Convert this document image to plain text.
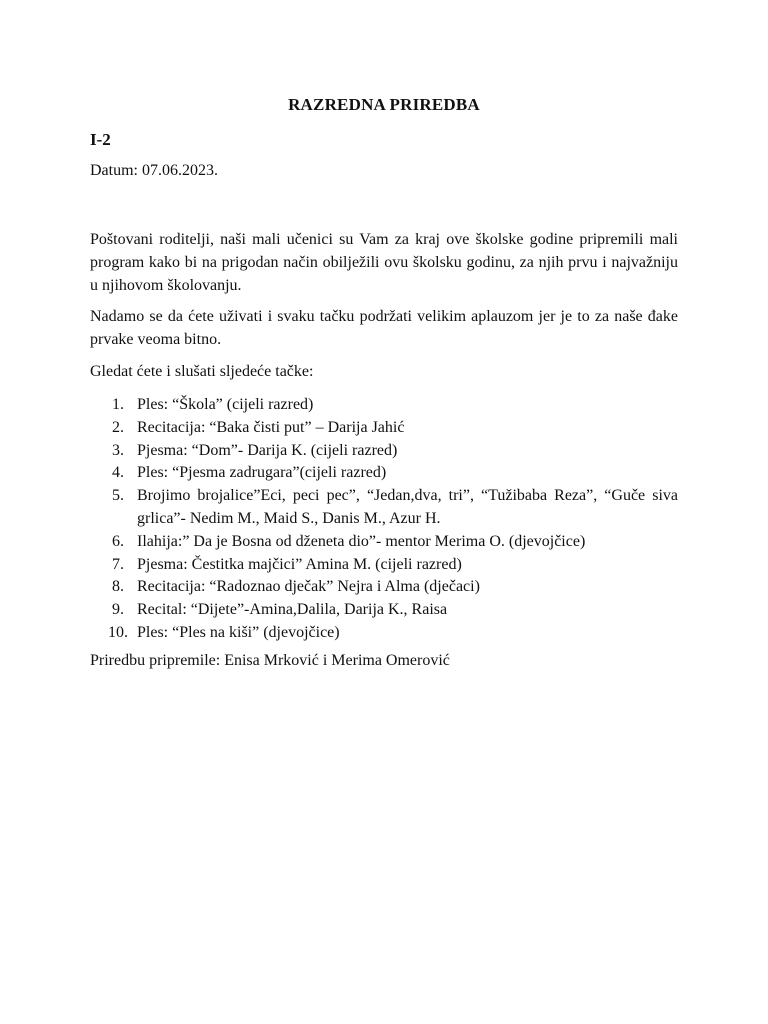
RAZREDNA PRIREDBA
I-2
Datum: 07.06.2023.

Poštovani roditelji, naši mali učenici su Vam za kraj ove školske godine pripremili mali program kako bi na prigodan način obilježili ovu školsku godinu, za njih prvu i najvažniju u njihovom školovanju.

Nadamo se da ćete uživati i svaku tačku podržati velikim aplauzom jer je to za naše đake prvake veoma bitno.

Gledat ćete i slušati sljedeće tačke:

1. Ples: “Škola” (cijeli razred)
2. Recitacija: “Baka čisti put” – Darija Jahić
3. Pjesma: “Dom”- Darija K. (cijeli razred)
4. Ples: “Pjesma zadrugara”(cijeli razred)
5. Brojimo brojalice”Eci, peci pec”, “Jedan,dva, tri”, “Tužibaba Reza”, “Guče siva grlica”- Nedim M., Maid S., Danis M., Azur H.
6. Ilahija:” Da je Bosna od dženeta dio”- mentor Merima O. (djevojčice)
7. Pjesma: Čestitka majčici” Amina M. (cijeli razred)
8. Recitacija: “Radoznao dječak” Nejra i Alma (dječaci)
9. Recital: “Dijete”-Amina,Dalila, Darija K., Raisa
10. Ples: “Ples na kiši” (djevojčice)
Priredbu pripremile: Enisa Mrković i Merima Omerović
